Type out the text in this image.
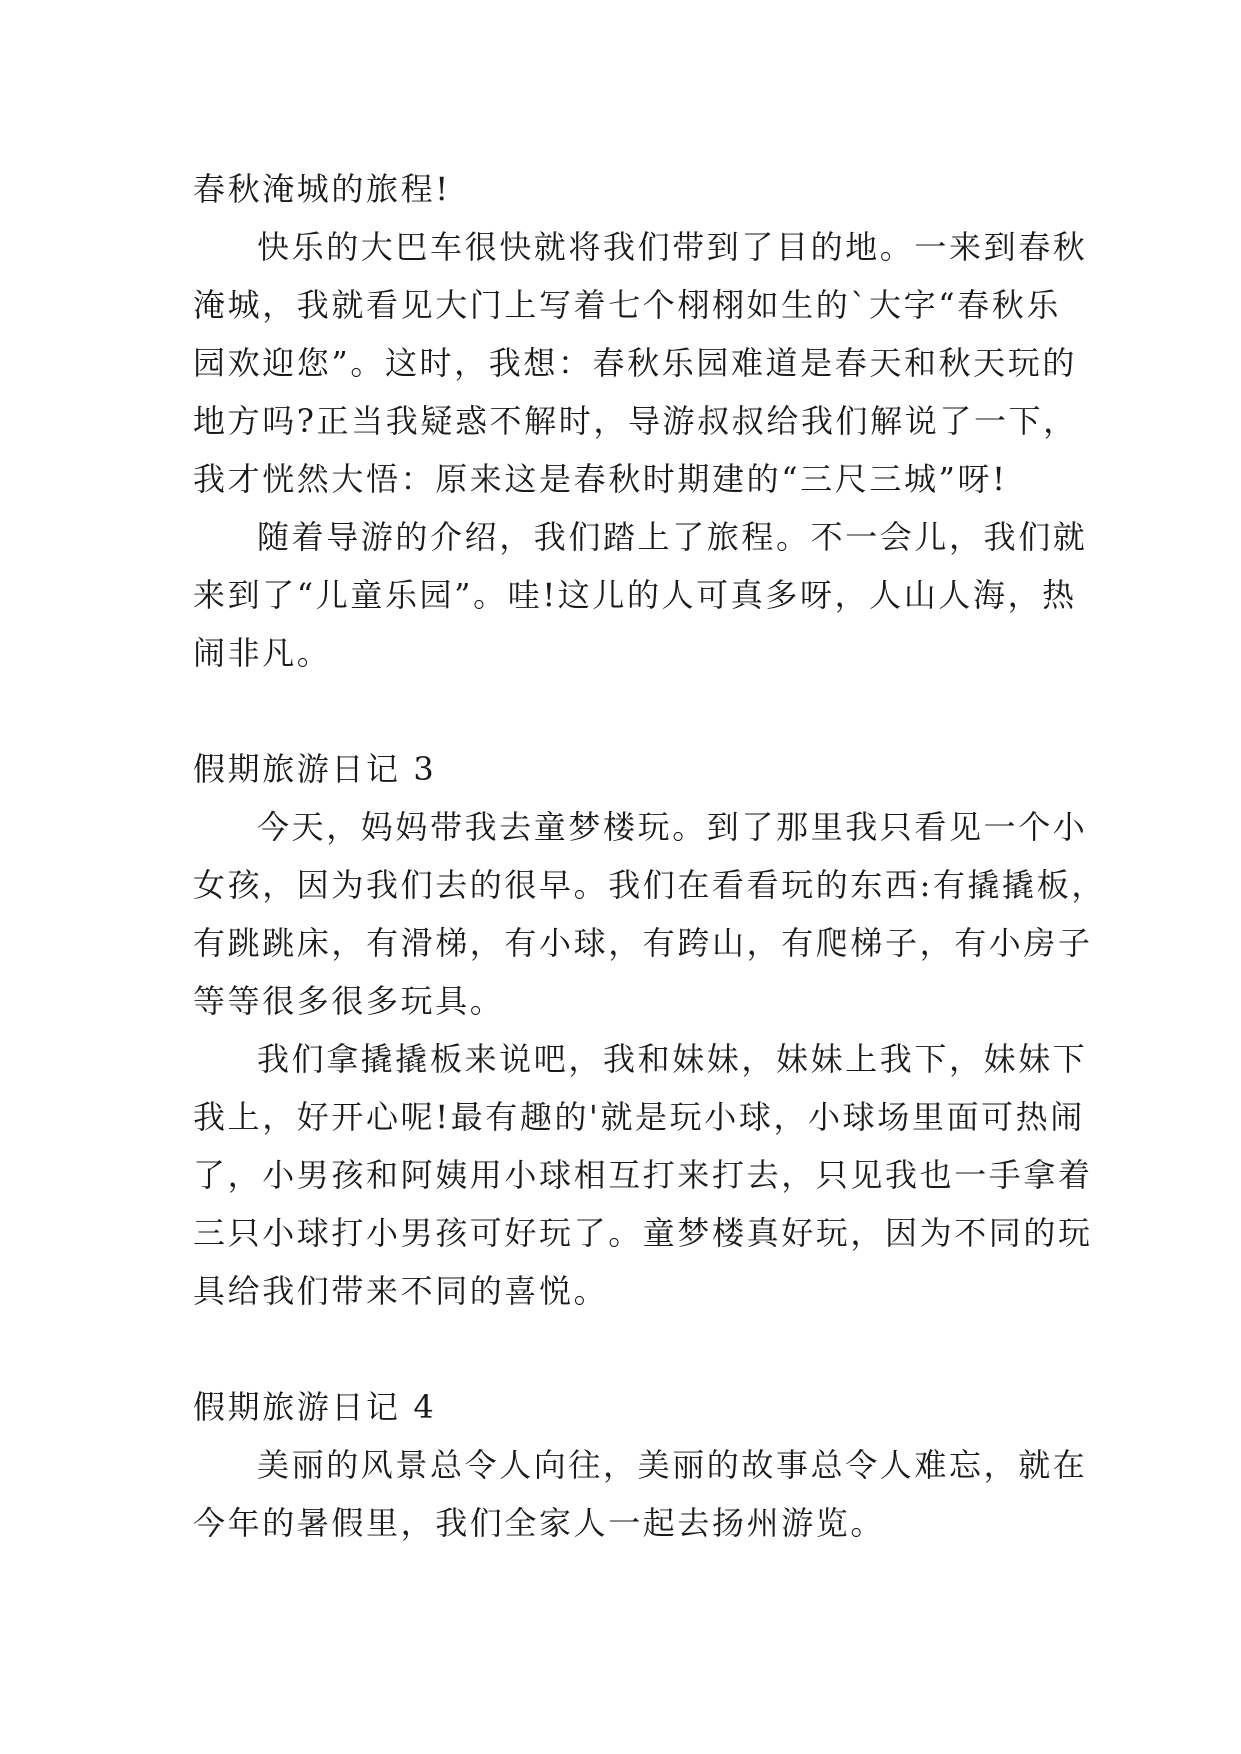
春秋淹城的旅程!
快乐的大巴车很快就将我们带到了目的地。一来到春秋
淹城，我就看见大门上写着七个栩栩如生的`大字“春秋乐
园欢迎您”。这时，我想：春秋乐园难道是春天和秋天玩的
地方吗?正当我疑惑不解时，导游叔叔给我们解说了一下，
我才恍然大悟：原来这是春秋时期建的“三尺三城”呀!
随着导游的介绍，我们踏上了旅程。不一会儿，我们就
来到了“儿童乐园”。哇!这儿的人可真多呀，人山人海，热
闹非凡。
假期旅游日记 3
今天，妈妈带我去童梦楼玩。到了那里我只看见一个小
女孩，因为我们去的很早。我们在看看玩的东西:有撬撬板，
有跳跳床，有滑梯，有小球，有跨山，有爬梯子，有小房子
等等很多很多玩具。
我们拿撬撬板来说吧，我和妹妹，妹妹上我下，妹妹下
我上，好开心呢!最有趣的'就是玩小球，小球场里面可热闹
了，小男孩和阿姨用小球相互打来打去，只见我也一手拿着
三只小球打小男孩可好玩了。童梦楼真好玩，因为不同的玩
具给我们带来不同的喜悦。
假期旅游日记 4
美丽的风景总令人向往，美丽的故事总令人难忘，就在
今年的暑假里，我们全家人一起去扬州游览。
